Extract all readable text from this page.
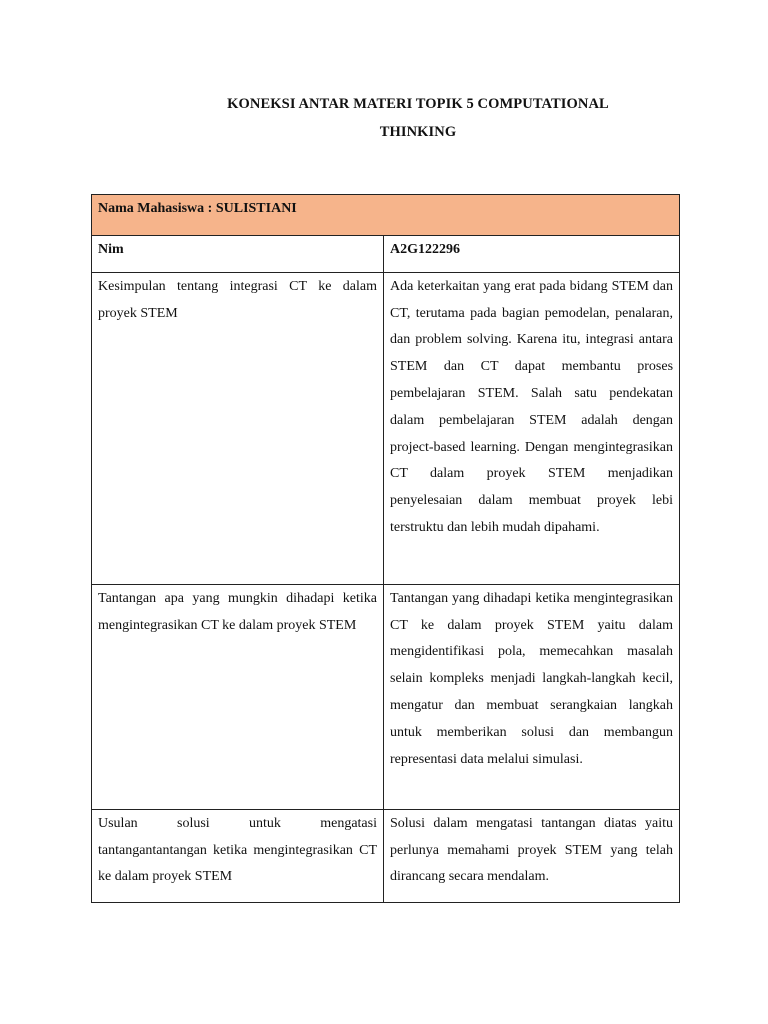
KONEKSI ANTAR MATERI TOPIK 5 COMPUTATIONAL
THINKING
Nama Mahasiswa : SULISTIANI	
Nim	A2G122296
Kesimpulan tentang integrasi CT ke dalam proyek STEM	Ada keterkaitan yang erat pada bidang STEM dan CT, terutama pada bagian pemodelan, penalaran, dan problem solving. Karena itu, integrasi antara STEM dan CT dapat membantu proses pembelajaran STEM. Salah satu pendekatan dalam pembelajaran STEM adalah dengan project-based learning. Dengan mengintegrasikan CT dalam proyek STEM menjadikan penyelesaian dalam membuat proyek lebi terstruktu dan lebih mudah dipahami.
Tantangan apa yang mungkin dihadapi ketika mengintegrasikan CT ke dalam proyek STEM	Tantangan yang dihadapi ketika mengintegrasikan CT ke dalam proyek STEM yaitu dalam mengidentifikasi pola, memecahkan masalah selain kompleks menjadi langkah-langkah kecil, mengatur dan membuat serangkaian langkah untuk memberikan solusi dan membangun representasi data melalui simulasi.
Usulan solusi untuk mengatasi tantangantantangan ketika mengintegrasikan CT ke dalam proyek STEM	Solusi dalam mengatasi tantangan diatas yaitu perlunya memahami proyek STEM yang telah dirancang secara mendalam.
